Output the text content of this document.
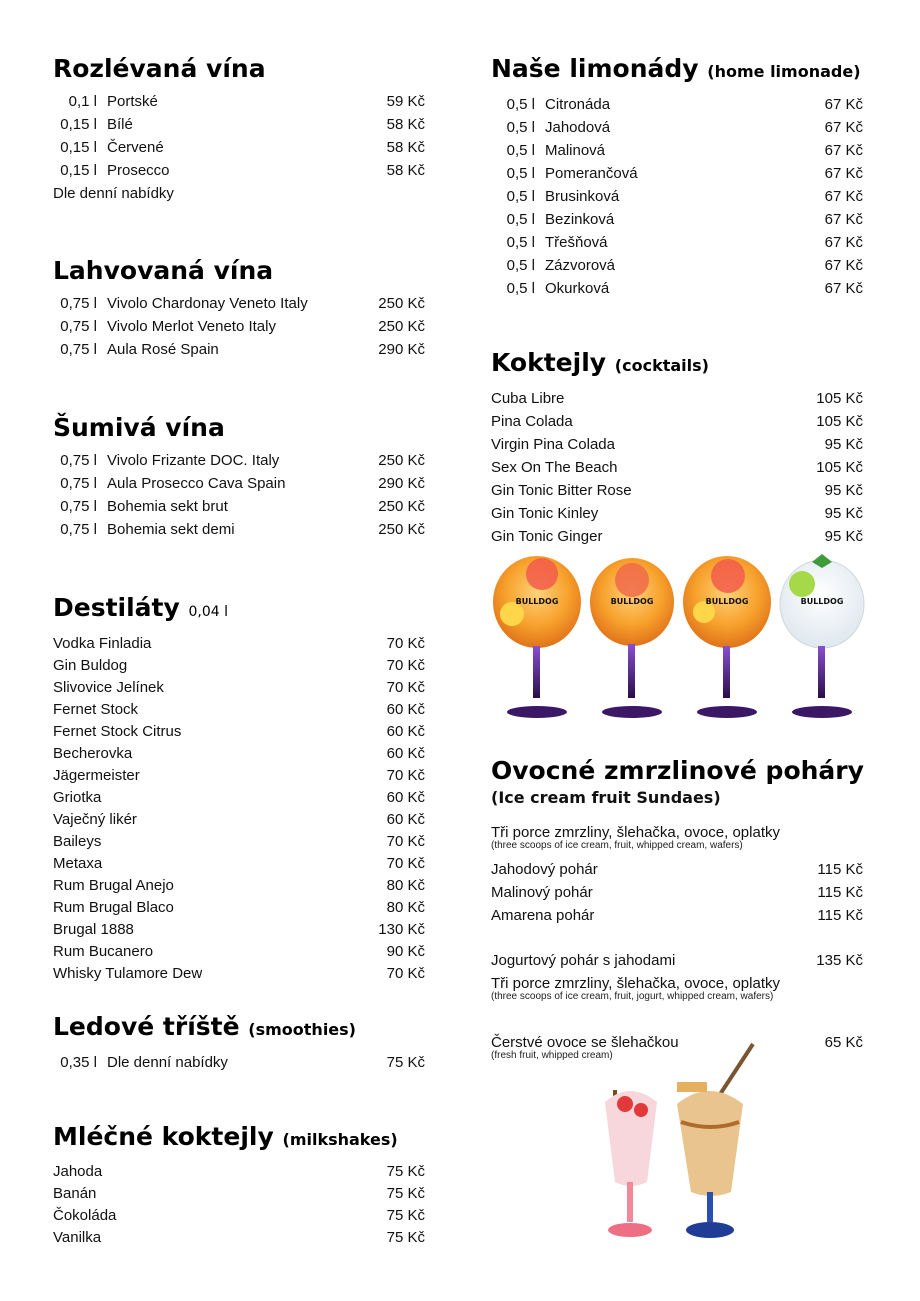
Rozlévaná vína
0,1 l Portské	59 Kč
0,15 l Bílé	58 Kč
0,15 l Červené	58 Kč
0,15 l Prosecco	58 Kč
Dle denní nabídky
Lahvovaná vína
0,75 l Vivolo Chardonay Veneto Italy	250 Kč
0,75 l Vivolo Merlot Veneto Italy	250 Kč
0,75 l Aula Rosé Spain	290 Kč
Šumivá vína
0,75 l Vivolo Frizante DOC. Italy	250 Kč
0,75 l Aula Prosecco Cava Spain	290 Kč
0,75 l Bohemia sekt brut	250 Kč
0,75 l Bohemia sekt demi	250 Kč
Destiláty 0,04 l
Vodka Finladia	70 Kč
Gin Buldog	70 Kč
Slivovice Jelínek	70 Kč
Fernet Stock	60 Kč
Fernet Stock Citrus	60 Kč
Becherovka	60 Kč
Jägermeister	70 Kč
Griotka	60 Kč
Vaječný likér	60 Kč
Baileys	70 Kč
Metaxa	70 Kč
Rum Brugal Anejo	80 Kč
Rum Brugal Blaco	80 Kč
Brugal 1888	130 Kč
Rum Bucanero	90 Kč
Whisky Tulamore Dew	70 Kč
Ledové tříště (smoothies)
0,35 l Dle denní nabídky	75 Kč
Mléčné koktejly (milkshakes)
Jahoda	75 Kč
Banán	75 Kč
Čokoláda	75 Kč
Vanilka	75 Kč
Naše limonády (home limonade)
0,5 l Citronáda	67 Kč
0,5 l Jahodová	67 Kč
0,5 l Malinová	67 Kč
0,5 l Pomerančová	67 Kč
0,5 l Brusinková	67 Kč
0,5 l Bezinková	67 Kč
0,5 l Třešňová	67 Kč
0,5 l Zázvorová	67 Kč
0,5 l Okurková	67 Kč
Koktejly (cocktails)
Cuba Libre	105 Kč
Pina Colada	105 Kč
Virgin Pina Colada	95 Kč
Sex On The Beach	105 Kč
Gin Tonic Bitter Rose	95 Kč
Gin Tonic Kinley	95 Kč
Gin Tonic Ginger	95 Kč
Ovocné zmrzlinové poháry
(Ice cream fruit Sundaes)
Tři porce zmrzliny, šlehačka, ovoce, oplatky
(three scoops of ice cream, fruit, whipped cream, wafers)
Jahodový pohár	115 Kč
Malinový pohár	115 Kč
Amarena pohár	115 Kč
Jogurtový pohár s jahodami	135 Kč
Tři porce zmrzliny, šlehačka, ovoce, oplatky
(three scoops of ice cream, fruit, jogurt, whipped cream, wafers)
Čerstvé ovoce se šlehačkou	65 Kč
(fresh fruit, whipped cream)
BULLDOG	BULLDOG	BULLDOG	BULLDOG
